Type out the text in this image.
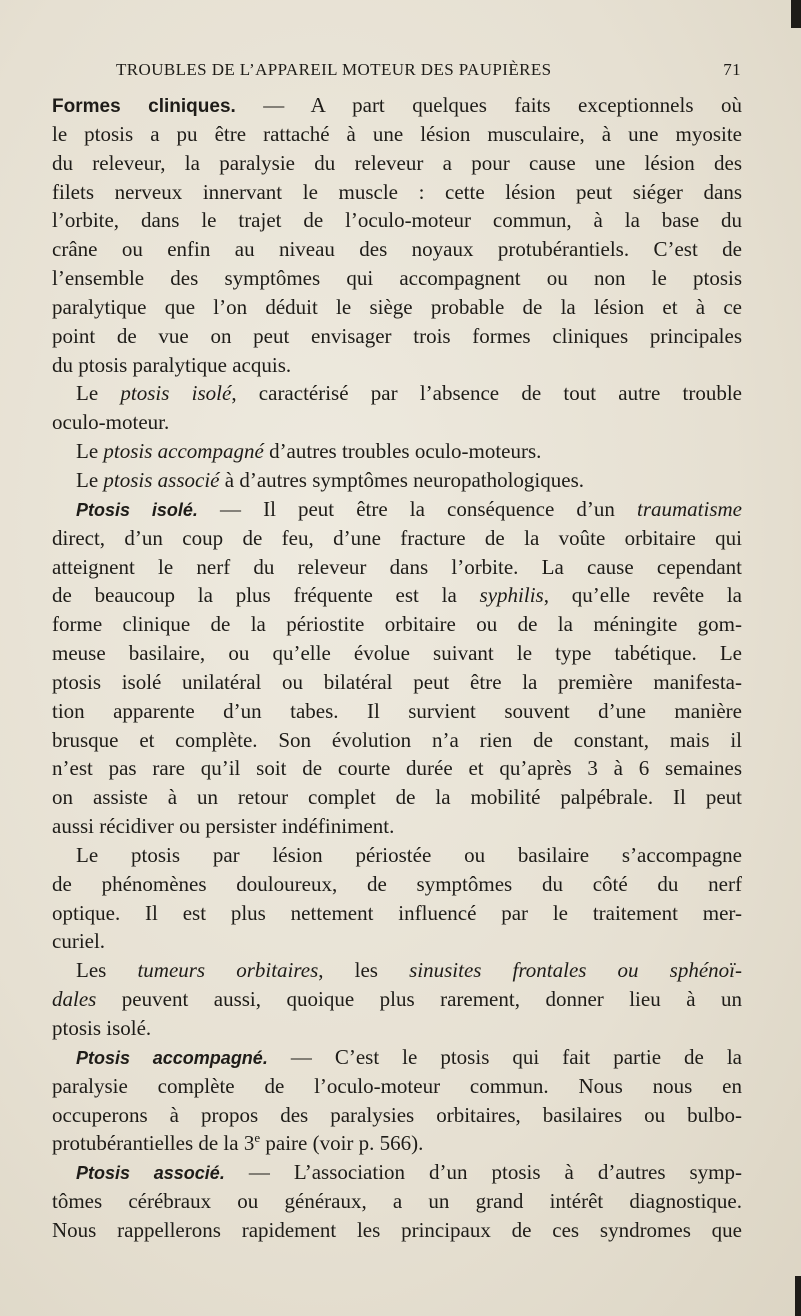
TROUBLES DE L’APPAREIL MOTEUR DES PAUPIÈRES	71
Formes cliniques. — A part quelques faits exceptionnels où
le ptosis a pu être rattaché à une lésion musculaire, à une myosite
du releveur, la paralysie du releveur a pour cause une lésion des
filets nerveux innervant le muscle : cette lésion peut siéger dans
l’orbite, dans le trajet de l’oculo-moteur commun, à la base du
crâne ou enfin au niveau des noyaux protubérantiels. C’est de
l’ensemble des symptômes qui accompagnent ou non le ptosis
paralytique que l’on déduit le siège probable de la lésion et à ce
point de vue on peut envisager trois formes cliniques principales
du ptosis paralytique acquis.
Le ptosis isolé, caractérisé par l’absence de tout autre trouble
oculo-moteur.
Le ptosis accompagné d’autres troubles oculo-moteurs.
Le ptosis associé à d’autres symptômes neuropathologiques.
Ptosis isolé. — Il peut être la conséquence d’un traumatisme
direct, d’un coup de feu, d’une fracture de la voûte orbitaire qui
atteignent le nerf du releveur dans l’orbite. La cause cependant
de beaucoup la plus fréquente est la syphilis, qu’elle revête la
forme clinique de la périostite orbitaire ou de la méningite gom-
meuse basilaire, ou qu’elle évolue suivant le type tabétique. Le
ptosis isolé unilatéral ou bilatéral peut être la première manifesta-
tion apparente d’un tabes. Il survient souvent d’une manière
brusque et complète. Son évolution n’a rien de constant, mais il
n’est pas rare qu’il soit de courte durée et qu’après 3 à 6 semaines
on assiste à un retour complet de la mobilité palpébrale. Il peut
aussi récidiver ou persister indéfiniment.
Le ptosis par lésion périostée ou basilaire s’accompagne
de phénomènes douloureux, de symptômes du côté du nerf
optique. Il est plus nettement influencé par le traitement mer-
curiel.
Les tumeurs orbitaires, les sinusites frontales ou sphénoï-
dales peuvent aussi, quoique plus rarement, donner lieu à un
ptosis isolé.
Ptosis accompagné. — C’est le ptosis qui fait partie de la
paralysie complète de l’oculo-moteur commun. Nous nous en
occuperons à propos des paralysies orbitaires, basilaires ou bulbo-
protubérantielles de la 3e paire (voir p. 566).
Ptosis associé. — L’association d’un ptosis à d’autres symp-
tômes cérébraux ou généraux, a un grand intérêt diagnostique.
Nous rappellerons rapidement les principaux de ces syndromes que
